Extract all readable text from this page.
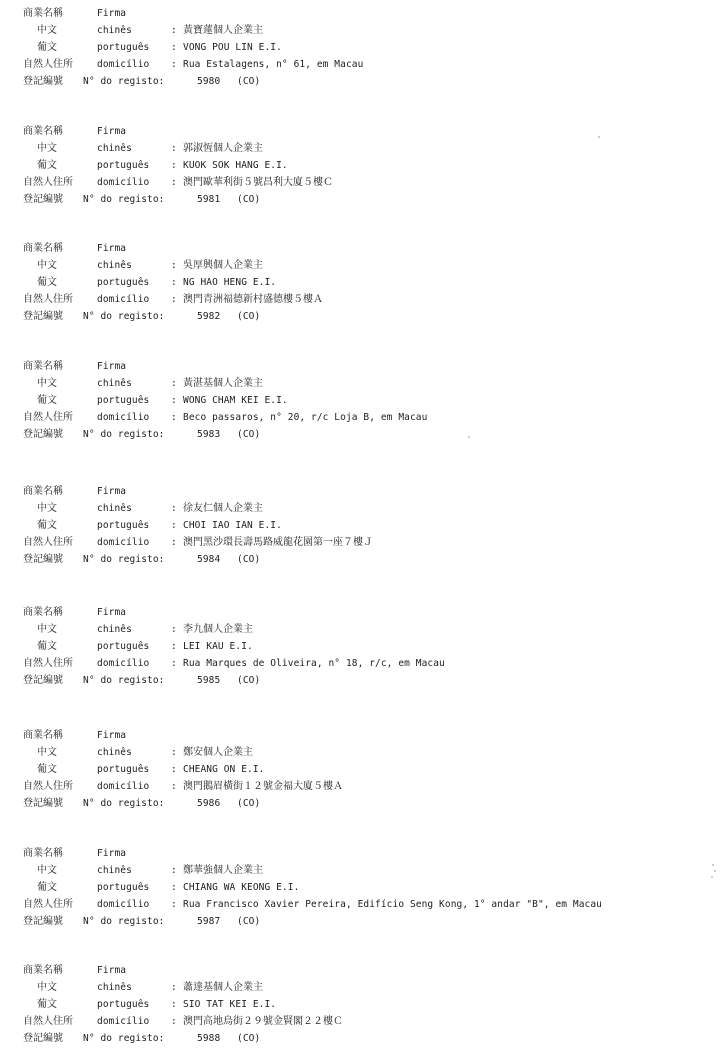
商業名稱	Firma
中文	chinês	: 黃寶蓮個人企業主
葡文	português : VONG POU LIN E.I.
自然人住所	domicílio : Rua Estalagens, n° 61, em Macau
登記編號 N° do registo:	5980 (CO)
商業名稱	Firma
中文	chinês	: 郭淑恆個人企業主
葡文	português : KUOK SOK HANG E.I.
自然人住所	domicílio : 澳門歐華利街５號昌利大廈５樓Ｃ
登記編號 N° do registo:	5981 (CO)
商業名稱	Firma
中文	chinês	: 吳厚興個人企業主
葡文	português : NG HAO HENG E.I.
自然人住所	domicílio : 澳門青洲福德新村盛德樓５樓Ａ
登記編號 N° do registo:	5982 (CO)
商業名稱	Firma
中文	chinês	: 黃湛基個人企業主
葡文	português : WONG CHAM KEI E.I.
自然人住所	domicílio : Beco passaros, n° 20, r/c Loja B, em Macau
登記編號 N° do registo:	5983 (CO)
商業名稱	Firma
中文	chinês	: 徐友仁個人企業主
葡文	português : CHOI IAO IAN E.I.
自然人住所	domicílio : 澳門黑沙環長壽馬路威龍花園第一座７樓Ｊ
登記編號 N° do registo:	5984 (CO)
商業名稱	Firma
中文	chinês	: 李九個人企業主
葡文	português : LEI KAU E.I.
自然人住所	domicílio : Rua Marques de Oliveira, n° 18, r/c, em Macau
登記編號 N° do registo:	5985 (CO)
商業名稱	Firma
中文	chinês	: 鄭安個人企業主
葡文	português : CHEANG ON E.I.
自然人住所	domicílio : 澳門鵝眉橫街１２號金福大廈５樓Ａ
登記編號 N° do registo:	5986 (CO)
商業名稱	Firma
中文	chinês	: 鄭華強個人企業主
葡文	português : CHIANG WA KEONG E.I.
自然人住所	domicílio : Rua Francisco Xavier Pereira, Edifício Seng Kong, 1° andar "B", em Macau
登記編號 N° do registo:	5987 (CO)
商業名稱	Firma
中文	chinês	: 蕭達基個人企業主
葡文	português : SIO TAT KEI E.I.
自然人住所	domicílio : 澳門高地烏街２９號金賢閣２２樓Ｃ
登記編號 N° do registo:	5988 (CO)
